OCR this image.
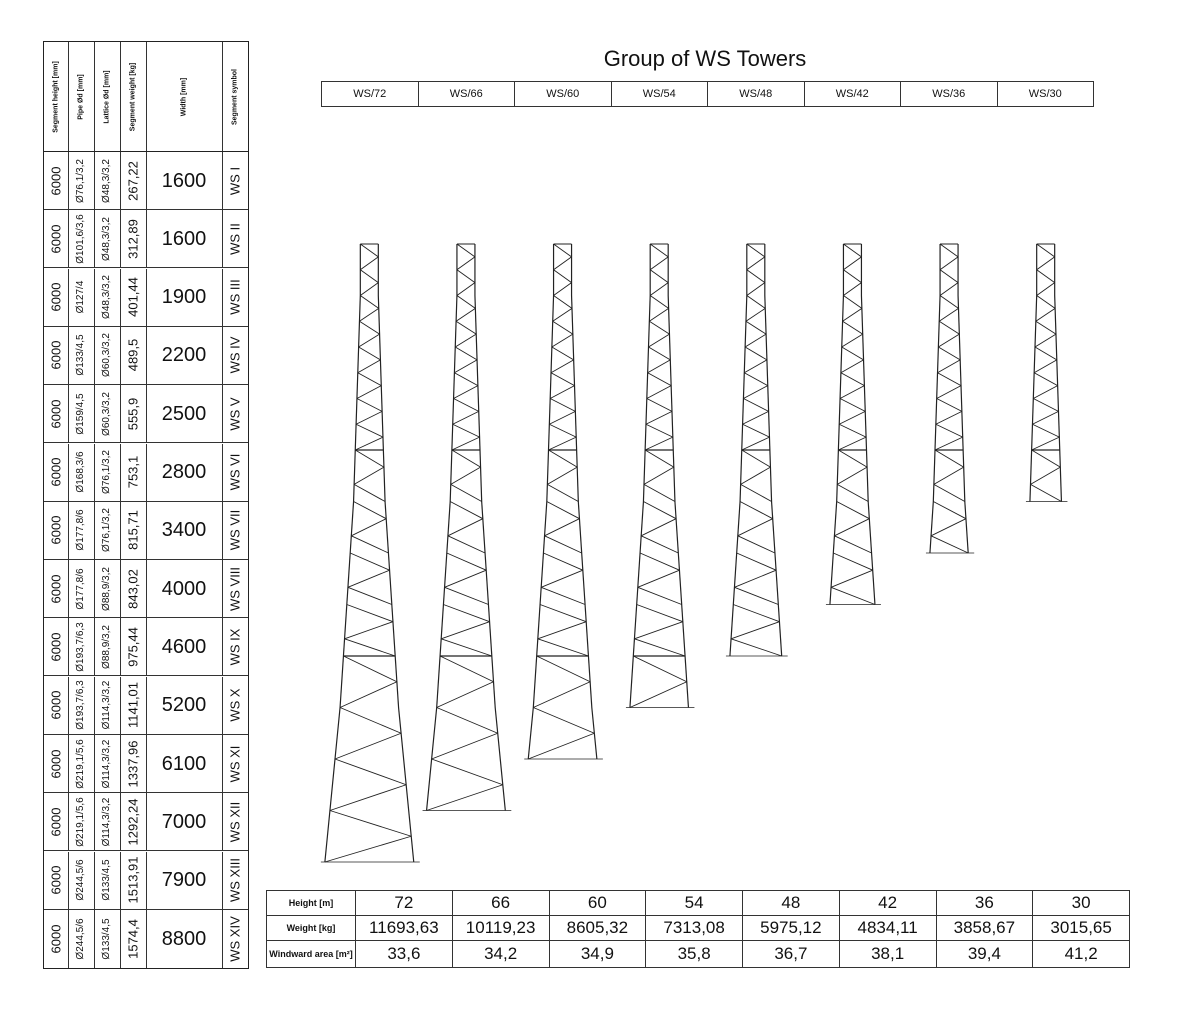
Segment height [mm]	Pipe Ød [mm]	Lattice Ød [mm]	Segment weight [kg]	Width [mm]	Segment symbol
6000 Ø76,1/3,2 Ø48,3/3,2 267,22	1600	WS I
6000 Ø101,6/3,6 Ø48,3/3,2 312,89	1600	WS II
6000 Ø127/4 Ø48,3/3,2 401,44	1900	WS III
6000 Ø133/4,5 Ø60,3/3,2 489,5	2200	WS IV
6000 Ø159/4,5 Ø60,3/3,2 555,9	2500	WS V
6000 Ø168,3/6 Ø76,1/3,2 753,1	2800	WS VI
6000 Ø177,8/6 Ø76,1/3,2 815,71	3400	WS VII
6000 Ø177,8/6 Ø88,9/3,2 843,02	4000	WS VIII
6000 Ø193,7/6,3 Ø88,9/3,2 975,44	4600	WS IX
6000 Ø193,7/6,3 Ø114,3/3,2 1141,01	5200	WS X
6000 Ø219,1/5,6 Ø114,3/3,2 1337,96	6100	WS XI
6000 Ø219,1/5,6 Ø114,3/3,2 1292,24	7000	WS XII
6000 Ø244,5/6 Ø133/4,5 1513,91	7900	WS XIII
6000 Ø244,5/6 Ø133/4,5 1574,4	8800	WS XIV
Group of WS Towers
WS/72	WS/66	WS/60	WS/54	WS/48	WS/42	WS/36	WS/30
Height [m]	72	66	60	54	48	42	36	30
Weight [kg]	11693,63	10119,23	8605,32	7313,08	5975,12	4834,11	3858,67	3015,65
Windward area [m²]	33,6	34,2	34,9	35,8	36,7	38,1	39,4	41,2
